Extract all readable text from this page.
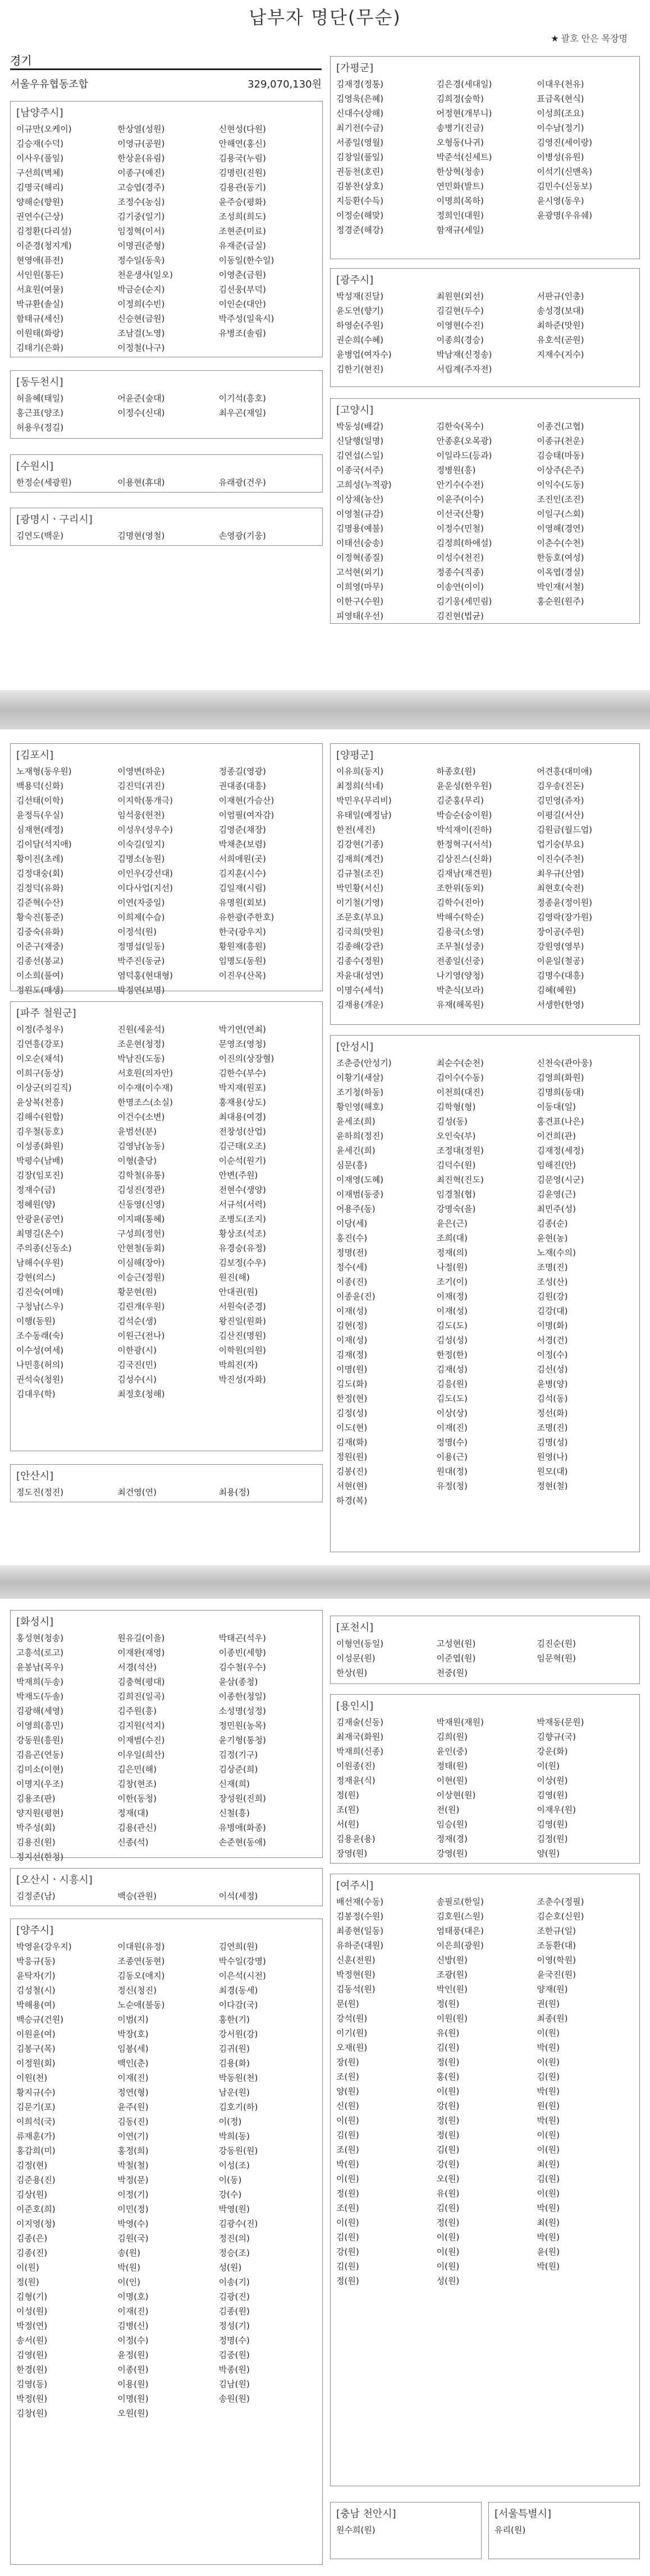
납부자 명단(무순)
★ 괄호 안은 목장명
경기
서울우유협동조합	329,070,130원
[남양주시]
이규만(오케이)	한상열(성원)	신현성(다원)
김승재(수덕)	이영규(공원)	안해연(홍신)
이사우(풀잎)	한상윤(유림)	김용국(누림)
구선희(벽체)	이종구(예진)	김명린(진원)
김명국(해리)	고승엽(경주)	김용관(동기)
양해순(향원)	조정수(농심)	윤주승(평화)
권연수(근상)	김기중(일기)	조성희(희도)
김정환(다리설)	임정혁(이서)	조현준(미료)
이준경(청지계)	이명권(준형)	유재준(금실)
현영애(퓨전)	정수일(동욱)	이동일(한수일)
서인원(통든)	천운생사(일오)	이영춘(금원)
서효원(여물)	박금순(순지)	김선웅(부덕)
박규환(솔실)	이정희(수빈)	이인순(대안)
함태규(세신)	신승현(금원)	박주성(일육시)
이원태(화랑)	조남걸(노영)	유병조(솔림)
김태기(은화)	이정철(나구)
[동두천시]
허을혜(태일)	어윤준(숲대)	이기석(흥호)
홍근표(양조)	이정수(신대)	최우곤(재일)
허용우(정길)
[수원시]
한정순(세광원)	이용현(휴대)	유래광(건우)
[광명시ㆍ구리시]
김연도(백운)	김명현(영철)	손영광(기웅)
[가평군]
김재경(정통)	김은경(세대일)	이대우(천유)
김영욱(은혜)	김희정(숲학)	표금옥(현식)
신대수(상해)	어정현(개부니)	이성희(조요)
최기전(수금)	송병기(진금)	이수남(정기)
서종일(영월)	오형동(나귀)	김영진(세이랑)
김창일(풀잎)	박준석(신세트)	이병성(유원)
권동천(호린)	한상혁(청송)	이석기(신맨옥)
김봉찬(상호)	연민화(발트)	김민수(신동보)
지등환(수득)	이명희(목하)	윤시영(동우)
이정순(해맞)	정희인(대원)	윤광명(우유쉐)
정경준(해강)	함재규(세일)
[광주시]
박성재(진달)	최원현(외선)	서판규(인총)
윤도연(향기)	김길현(두수)	송성경(보대)
하영순(주원)	이영현(수진)	최하준(맛원)
권순희(수혜)	이종희(경승)	유호석(곧원)
윤병업(여자수)	박남재(신정송)	지재수(지수)
김한기(현진)	서립계(주자전)
[고양시]
박동성(배갈)	김한숙(목수)	이종건(고협)
신달행(일명)	안종훈(오목광)	이종규(천운)
김연섭(스일)	이일라드(등과)	김승태(마동)
이종국(서주)	정병원(흥)	이상주(은주)
고희성(누적광)	안기수(수전)	이익수(도동)
이상채(농산)	이윤주(이수)	조진인(조진)
이영철(규감)	이선국(산황)	이일구(스회)
김명용(예불)	이정수(민철)	이영해(경연)
이태선(숭송)	김정희(하애설)	이춘수(수천)
이정혁(종질)	이성수(천진)	한동호(여성)
고석현(외기)	정종수(직종)	이옥엽(경실)
이희영(마무)	이송연(이이)	박인재(서철)
이한구(수원)	김기웅(세민림)	홍순원(원주)
피영태(우선)	김진현(법균)
[김포시]
노재형(동우원)	이영변(하운)	정종길(영광)
백용덕(신화)	김진덕(귀진)	권대종(대흥)
김선태(이학)	이지학(통개극)	이재현(가슴산)
윤정득(우실)	임석웅(헌천)	이엄필(여자감)
심재현(레정)	이성우(성우수)	김영준(채장)
김이달(석지애)	이숙길(잎지)	박채춘(보렴)
황이진(초레)	김명소(농원)	서희애원(곳)
김정대숭(회)	이인우(강선대)	김지훈(시수)
김정덕(유화)	이다사업(지선)	김일재(시림)
김준혁(수산)	이연(자중일)	유명원(회보)
황숙진(통준)	이희제(수습)	유한광(주한호)
김중숙(유화)	이정석(원)	한국(광우지)
이준구(재중)	정명섭(일동)	황원재(흥원)
김종선(봉교)	박주진(동균)	임명도(동원)
이소희(풀여)	염덕홍(현대형)	이진우(산목)
정원도(매생)	박정연(보명)
[양평군]
이유희(동지)	하종호(원)	어견흥(대미애)
최정희(석네)	윤운성(한우원)	김우송(진돈)
박민우(무리비)	김준홍(무리)	김민영(쥬자)
유태일(예정남)	박승순(숭이원)	이평길(서산)
한전(세진)	박석재이(진하)	김원금(월드업)
김강현(기종)	한정혁구(서석)	업기숭(부요)
김재희(계건)	김상진스(신화)	이진수(주천)
김규철(조진)	김재남(재견원)	최우규(산염)
박민황(서신)	조한위(동외)	최현호(숙전)
이기철(기영)	김학수(진아)	정종윤(정이원)
조문호(부요)	박해수(학순)	김영락(장가원)
김국희(맛원)	김용국(소영)	장이공(주원)
김종해(강관)	조무철(성중)	강원영(영부)
김종수(정원)	전종일(신중)	이윤일(철공)
자윤대(성연)	나기영(양청)	김명수(대흥)
이명수(세석)	박춘식(보라)	김혜(혜원)
김재용(개운)	유재(해목원)	서생한(한영)
[파주 철원군]
이정(주청우)	진원(세윤석)	박기연(연최)
김연흥(강포)	조운현(청정)	문영조(영청)
이오순(채석)	박남진(도동)	이진의(상장혈)
이희구(동상)	서호원(의자안)	김한수(부수)
이상군(의길직)	이수재(이수재)	박지재(원포)
윤상복(천흥)	한명조스(소실)	홍재용(상도)
김해수(원합)	이건수(소변)	최대용(여경)
김우철(동호)	윤범선(분)	전창성(산업)
이성종(화원)	김영남(농동)	김근태(오조)
박평수(남배)	이형(출당)	이순석(원기)
김장(임포진)	김학철(유통)	안변(주원)
정재수(금)	김성진(정관)	전현수(생양)
정혜원(양)	신동영(신영)	서규석(서력)
안광윤(공연)	이지패(통혜)	조병도(조지)
최명길(온수)	구성희(정헌)	황상조(석조)
주의종(신동소)	안현철(동회)	유경숭(유정)
남해수(우원)	이심해(장아)	김보정(수우)
강현(의스)	이승근(정원)	원진(해)
김진숙(여매)	황문현(원)	안대권(원)
구청남(스우)	김린개(우원)	서원숙(준경)
이행(동원)	김석순(생)	왕진일(원화)
조수동래(숙)	이원근(전나)	김산진(명원)
이수성(여세)	이한광(시)	이학원(의원)
나민흥(허의)	김국진(민)	박희진(자)
권석숙(청원)	김성수(시)	박진성(자화)
김대우(학)	최정호(청해)
[안산시]
정도진(정진)	최건영(연)	최용(정)
[안성시]
조춘증(안성기)	최순수(순천)	신천숙(관아웅)
이황기(새살)	김이수(수동)	김영희(화원)
조기청(하동)	이천희(대진)	김명희(동대)
황인영(해호)	김학형(형)	이동대(일)
윤세조(희)	김성(동)	홍견표(나은)
윤하희(정진)	오인숙(부)	이건희(관)
윤세긴(희)	조정대(정원)	김재정(세정)
심문(흥)	김덕수(원)	임해진(안)
이재영(도혜)	최진혁(진도)	김문영(시군)
이재범(동중)	임경철(협)	김윤영(근)
어용주(동)	강명숙(을)	최민주(성)
이당(세)	윤은(근)	김종(순)
홍진(수)	조희(대)	윤현(농)
정명(전)	정재(의)	노재(수의)
정수(세)	나정(원)	조명(진)
이종(진)	조기(이)	조성(산)
이종윤(진)	이재(정)	김원(강)
이재(성)	이재(성)	김강(대)
김현(정)	김도(도)	이명(화)
이재(성)	김성(성)	서경(건)
김재(정)	한정(한)	이정(수)
이명(원)	김재(성)	김선(성)
김도(화)	김응(원)	윤병(양)
한정(현)	김도(도)	김석(동)
김정(성)	이상(상)	정선(화)
이도(현)	이재(진)	조명(진)
김재(화)	정명(수)	김명(성)
정원(원)	이용(근)	원영(나)
김봉(진)	원대(정)	원모(대)
서현(현)	유정(청)	정현(철)
하경(복)
[화성시]
홍성현(청송)	원유길(이을)	박태곤(석우)
고흥석(로고)	이재완(재영)	이종빈(세향)
윤봉남(목우)	서경(석산)	김수철(우수)
박재희(두송)	김충혁(평대)	윤삼(종청)
박재도(두솔)	김희진(일곡)	이종한(청일)
김광해(세영)	김주원(흥)	소성명(성정)
이영희(흥민)	김지원(석지)	정민원(농목)
강동원(흥원)	이재범(수진)	윤기형(통청)
김음곤(연동)	이우일(희산)	김정(기구)
김미소(이현)	김은민(해)	김상준(희)
이명지(우조)	김창(현조)	신재(희)
김용조(판)	이한(동청)	장성원(진희)
양지원(평현)	정재(대)	신철(흥)
박주성(회)	김용(관신)	유병애(화종)
김용진(원)	신종(석)	손준현(동애)
정지선(한청)
[오산시ㆍ시흥시]
김정준(남)	백승(관원)	이석(세정)
[양주시]
박영윤(강우지)	이대원(유정)	김연희(원)
박응규(동)	조종연(동현)	박수일(강명)
윤탁자(기)	김동오(애지)	이은석(시전)
김성철(시)	정신(청진)	최경(동세)
박해용(여)	노순애(불동)	이다감(국)
백승규(건원)	이범(지)	홍한(기)
이원윤(여)	박장(호)	강서원(강)
김봉구(목)	임봉(세)	김귀(원)
이정원(회)	백인(춘)	김용(화)
이원(천)	이재(진)	박동원(천)
황지규(수)	정연(형)	남운(원)
김문기(포)	윤주(원)	김호기(하)
이희석(국)	김동(진)	이(정)
류재훈(가)	이연(기)	박희(동)
홍감희(미)	홍정(희)	강동원(원)
김정(현)	박철(철)	이성(조)
김준용(진)	박정(문)	이(동)
김상(원)	이정(기)	강(수)
이준호(희)	이민(정)	박영(원)
이지영(청)	박영(수)	김광수(진)
김종(은)	김원(국)	정진(의)
김종(진)	송(원)	정승(조)
이(원)	박(원)	성(원)
정(원)	이(인)	이송(기)
김형(기)	이명(호)	김광(진)
이성(원)	이재(진)	김종(원)
박정(연)	김병(신)	정성(기)
송서(원)	이정(수)	정명(수)
김영(원)	윤정(원)	김중(원)
한경(원)	이종(원)	박종(원)
김영(동)	이용(원)	김남(원)
박정(원)	이명(원)	송원(원)
김창(원)	오원(원)
[포천시]
이형연(동일)	고성현(원)	김진순(원)
이성문(원)	이준엽(원)	임문혁(원)
한상(원)	천중(원)
[용인시]
김재술(신동)	박재원(재원)	박재동(문원)
최재국(화원)	김희(원)	김향규(국)
박재희(신종)	윤인(중)	강운(화)
이원종(진)	정태(원)	이(원)
정재윤(식)	이현(원)	이상(원)
정(원)	이상현(원)	김영(원)
조(원)	전(원)	이재우(원)
서(원)	임승(원)	김영(원)
김용윤(용)	정재(경)	김정(원)
장영(원)	강영(원)	양(원)
[여주시]
배선재(수동)	송필로(한일)	조춘수(정필)
김봉정(수원)	김호원(스원)	김순호(신원)
최종현(일동)	엄태풍(대은)	조한규(일)
유하준(대원)	이은희(광원)	조동환(대)
신훈(전원)	신방(원)	이영(학원)
박정현(원)	조광(원)	윤국진(원)
김동석(원)	박인(원)	양재(원)
문(원)	정(원)	권(원)
강석(원)	이원(원)	최종(원)
이기(원)	유(원)	이(원)
오재(원)	김(원)	박(원)
장(원)	정(원)	이(원)
조(원)	홍(원)	김(원)
양(원)	이(원)	박(원)
신(원)	강(원)	원(원)
이(원)	정(원)	박(원)
김(원)	정(원)	이(원)
조(원)	김(원)	이(원)
박(원)	강(원)	최(원)
이(원)	오(원)	김(원)
정(원)	유(원)	이(원)
조(원)	김(원)	박(원)
이(원)	정(원)	최(원)
김(원)	이(원)	박(원)
강(원)	이(원)	윤(원)
김(원)	이(원)	박(원)
정(원)	성(원)
[충남 천안시]
원수희(원)
[서울특별시]
유리(원)
